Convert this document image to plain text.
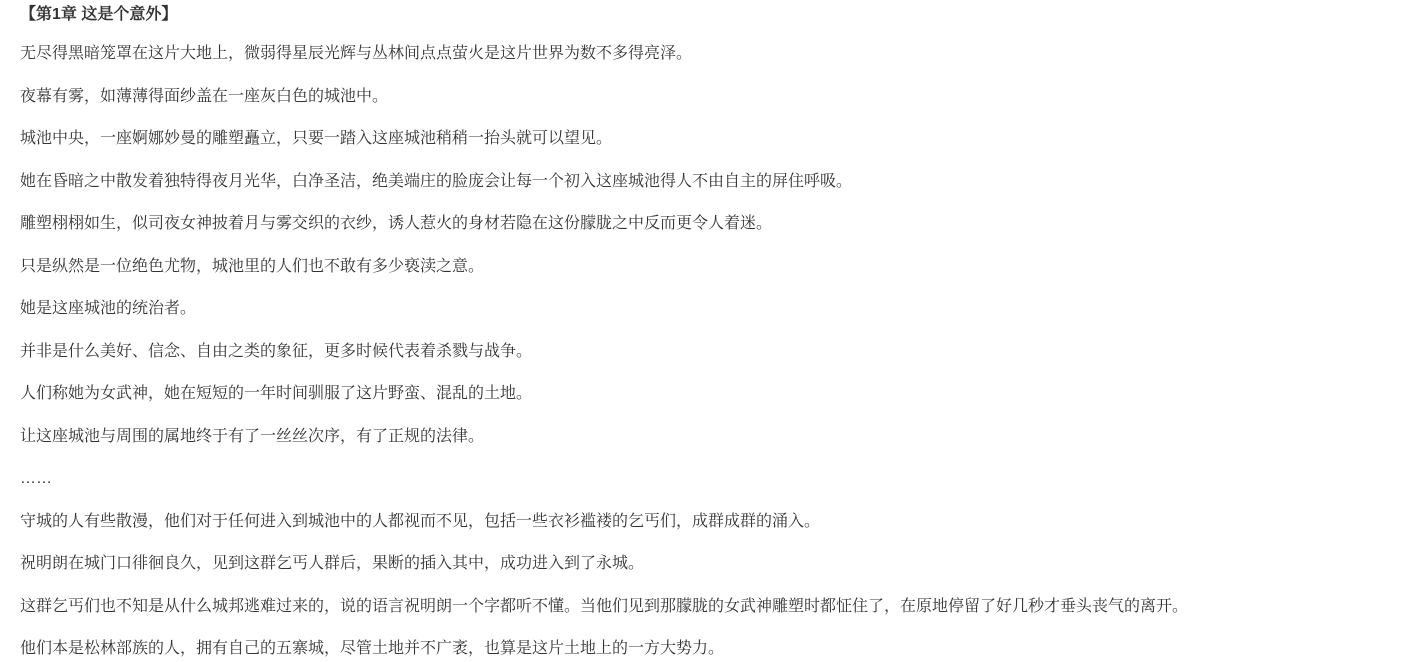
【第1章 这是个意外】

无尽得黑暗笼罩在这片大地上，微弱得星辰光辉与丛林间点点萤火是这片世界为数不多得亮泽。

夜幕有雾，如薄薄得面纱盖在一座灰白色的城池中。

城池中央，一座婀娜妙曼的雕塑矗立，只要一踏入这座城池稍稍一抬头就可以望见。

她在昏暗之中散发着独特得夜月光华，白净圣洁，绝美端庄的脸庞会让每一个初入这座城池得人不由自主的屏住呼吸。

雕塑栩栩如生，似司夜女神披着月与雾交织的衣纱，诱人惹火的身材若隐在这份朦胧之中反而更令人着迷。

只是纵然是一位绝色尤物，城池里的人们也不敢有多少亵渎之意。

她是这座城池的统治者。

并非是什么美好、信念、自由之类的象征，更多时候代表着杀戮与战争。

人们称她为女武神，她在短短的一年时间驯服了这片野蛮、混乱的土地。

让这座城池与周围的属地终于有了一丝丝次序，有了正规的法律。

……

守城的人有些散漫，他们对于任何进入到城池中的人都视而不见，包括一些衣衫褴褛的乞丐们，成群成群的涌入。

祝明朗在城门口徘徊良久，见到这群乞丐人群后，果断的插入其中，成功进入到了永城。

这群乞丐们也不知是从什么城邦逃难过来的，说的语言祝明朗一个字都听不懂。当他们见到那朦胧的女武神雕塑时都怔住了，在原地停留了好几秒才垂头丧气的离开。

他们本是松林部族的人，拥有自己的五寨城，尽管土地并不广袤，也算是这片土地上的一方大势力。
